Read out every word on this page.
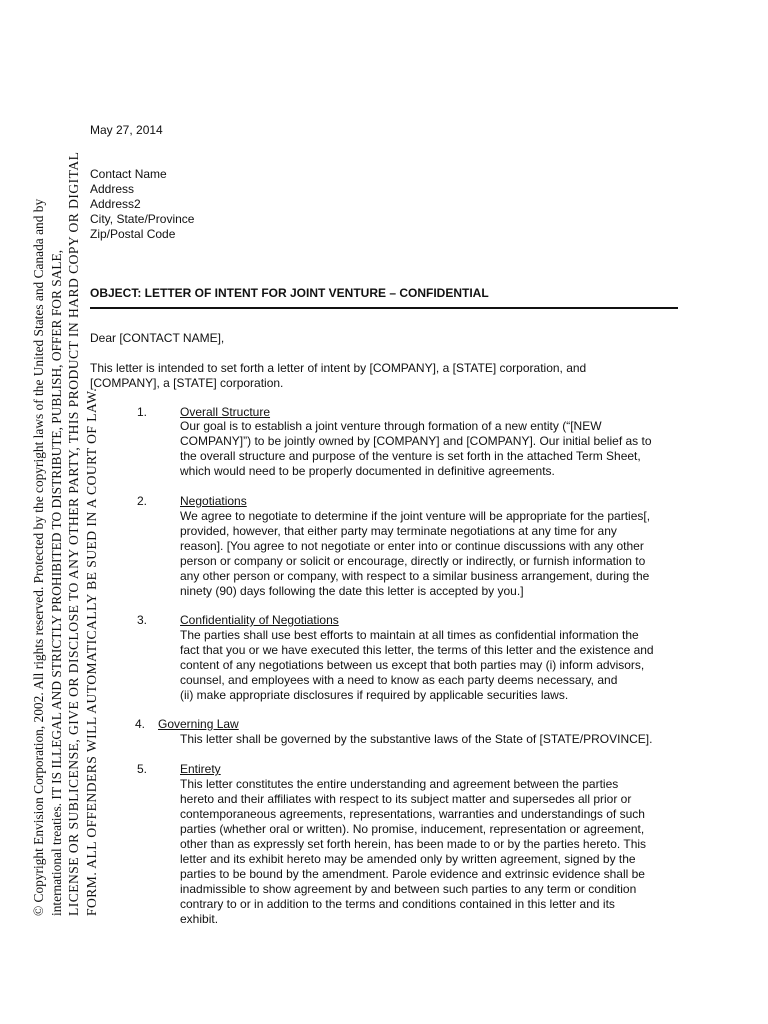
© Copyright Envision Corporation, 2002. All rights reserved. Protected by the copyright laws of the United States and Canada and by international treaties. IT IS ILLEGAL AND STRICTLY PROHIBITED TO DISTRIBUTE, PUBLISH, OFFER FOR SALE, LICENSE OR SUBLICENSE, GIVE OR DISCLOSE TO ANY OTHER PARTY, THIS PRODUCT IN HARD COPY OR DIGITAL FORM. ALL OFFENDERS WILL AUTOMATICALLY BE SUED IN A COURT OF LAW.
May 27, 2014
Contact Name
Address
Address2
City, State/Province
Zip/Postal Code
OBJECT: LETTER OF INTENT FOR JOINT VENTURE – CONFIDENTIAL
Dear [CONTACT NAME],
This letter is intended to set forth a letter of intent by [COMPANY], a [STATE] corporation, and
[COMPANY], a [STATE] corporation.
1.	Overall Structure
Our goal is to establish a joint venture through formation of a new entity (“[NEW
COMPANY]”) to be jointly owned by [COMPANY] and [COMPANY]. Our initial belief as to
the overall structure and purpose of the venture is set forth in the attached Term Sheet,
which would need to be properly documented in definitive agreements.
2.	Negotiations
We agree to negotiate to determine if the joint venture will be appropriate for the parties[,
provided, however, that either party may terminate negotiations at any time for any
reason]. [You agree to not negotiate or enter into or continue discussions with any other
person or company or solicit or encourage, directly or indirectly, or furnish information to
any other person or company, with respect to a similar business arrangement, during the
ninety (90) days following the date this letter is accepted by you.]
3.	Confidentiality of Negotiations
The parties shall use best efforts to maintain at all times as confidential information the
fact that you or we have executed this letter, the terms of this letter and the existence and
content of any negotiations between us except that both parties may (i) inform advisors,
counsel, and employees with a need to know as each party deems necessary, and
(ii) make appropriate disclosures if required by applicable securities laws.
4. Governing Law
This letter shall be governed by the substantive laws of the State of [STATE/PROVINCE].
5.	Entirety
This letter constitutes the entire understanding and agreement between the parties
hereto and their affiliates with respect to its subject matter and supersedes all prior or
contemporaneous agreements, representations, warranties and understandings of such
parties (whether oral or written). No promise, inducement, representation or agreement,
other than as expressly set forth herein, has been made to or by the parties hereto. This
letter and its exhibit hereto may be amended only by written agreement, signed by the
parties to be bound by the amendment. Parole evidence and extrinsic evidence shall be
inadmissible to show agreement by and between such parties to any term or condition
contrary to or in addition to the terms and conditions contained in this letter and its
exhibit.
